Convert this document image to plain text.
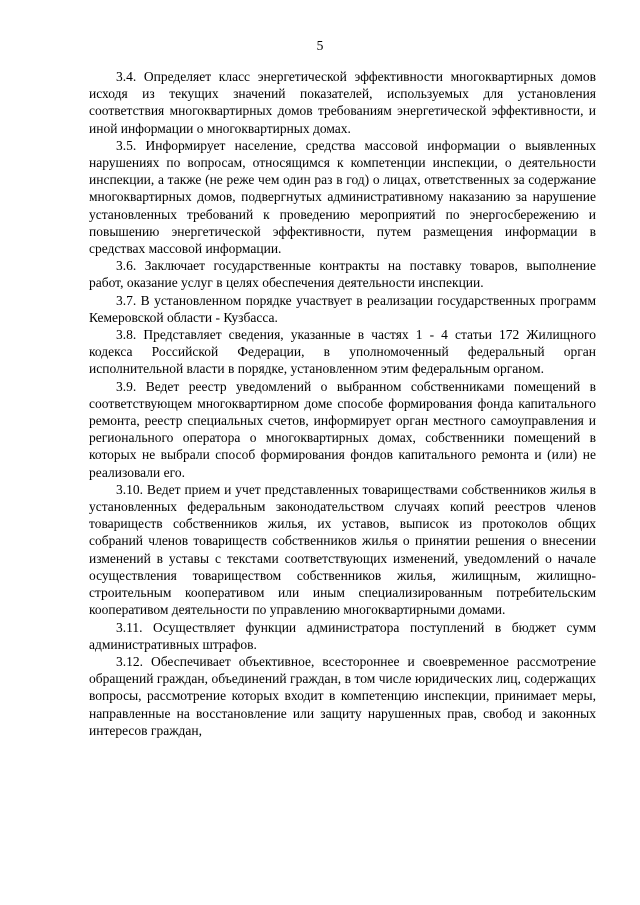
5

3.4. Определяет класс энергетической эффективности многоквартирных домов исходя из текущих значений показателей, используемых для установления соответствия многоквартирных домов требованиям энергетической эффективности, и иной информации о многоквартирных домах.

3.5. Информирует население, средства массовой информации о выявленных нарушениях по вопросам, относящимся к компетенции инспекции, о деятельности инспекции, а также (не реже чем один раз в год) о лицах, ответственных за содержание многоквартирных домов, подвергнутых административному наказанию за нарушение установленных требований к проведению мероприятий по энергосбережению и повышению энергетической эффективности, путем размещения информации в средствах массовой информации.

3.6. Заключает государственные контракты на поставку товаров, выполнение работ, оказание услуг в целях обеспечения деятельности инспекции.

3.7. В установленном порядке участвует в реализации государственных программ Кемеровской области - Кузбасса.

3.8. Представляет сведения, указанные в частях 1 - 4 статьи 172 Жилищного кодекса Российской Федерации, в уполномоченный федеральный орган исполнительной власти в порядке, установленном этим федеральным органом.

3.9. Ведет реестр уведомлений о выбранном собственниками помещений в соответствующем многоквартирном доме способе формирования фонда капитального ремонта, реестр специальных счетов, информирует орган местного самоуправления и регионального оператора о многоквартирных домах, собственники помещений в которых не выбрали способ формирования фондов капитального ремонта и (или) не реализовали его.

3.10. Ведет прием и учет представленных товариществами собственников жилья в установленных федеральным законодательством случаях копий реестров членов товариществ собственников жилья, их уставов, выписок из протоколов общих собраний членов товариществ собственников жилья о принятии решения о внесении изменений в уставы с текстами соответствующих изменений, уведомлений о начале осуществления товариществом собственников жилья, жилищным, жилищно-строительным кооперативом или иным специализированным потребительским кооперативом деятельности по управлению многоквартирными домами.

3.11. Осуществляет функции администратора поступлений в бюджет сумм административных штрафов.

3.12. Обеспечивает объективное, всестороннее и своевременное рассмотрение обращений граждан, объединений граждан, в том числе юридических лиц, содержащих вопросы, рассмотрение которых входит в компетенцию инспекции, принимает меры, направленные на восстановление или защиту нарушенных прав, свобод и законных интересов граждан,
